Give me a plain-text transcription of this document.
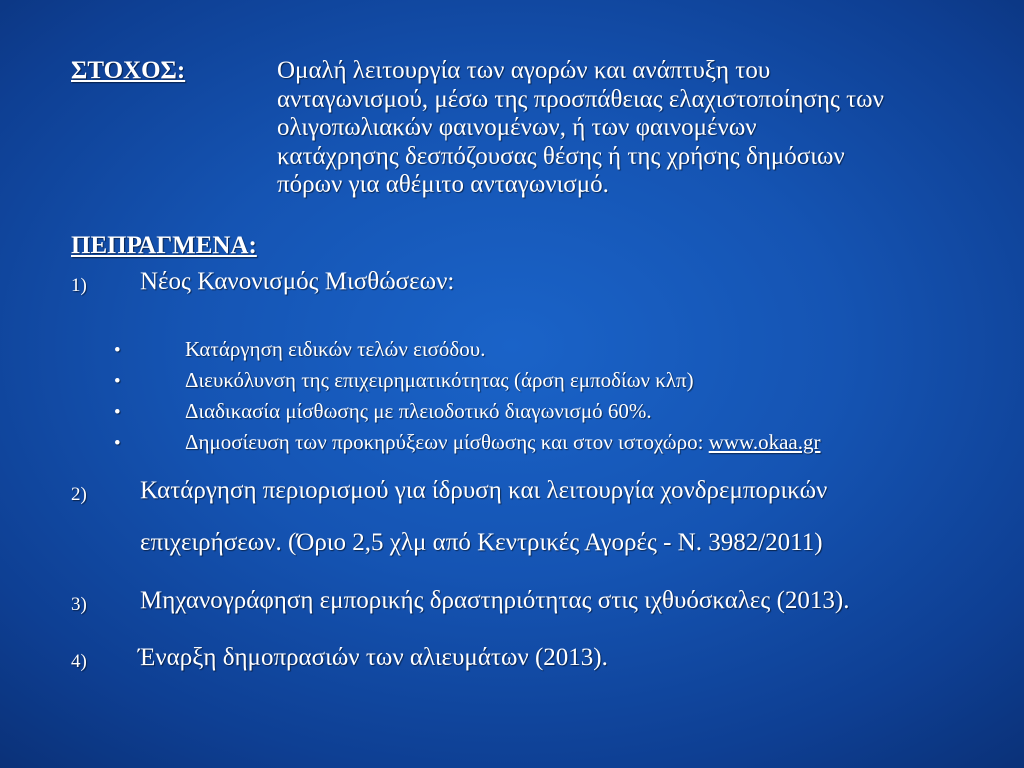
ΣΤΟΧΟΣ:	Ομαλή λειτουργία των αγορών και ανάπτυξη του
ανταγωνισμού, μέσω της προσπάθειας ελαχιστοποίησης των
ολιγοπωλιακών φαινομένων, ή των φαινομένων
κατάχρησης δεσπόζουσας θέσης ή της χρήσης δημόσιων
πόρων για αθέμιτο ανταγωνισμό.
ΠΕΠΡΑΓΜΕΝΑ:
1) Νέος Κανονισμός Μισθώσεων:
•	Κατάργηση ειδικών τελών εισόδου.
•	Διευκόλυνση της επιχειρηματικότητας (άρση εμποδίων κλπ)
•	Διαδικασία μίσθωσης με πλειοδοτικό διαγωνισμό 60%.
•	Δημοσίευση των προκηρύξεων μίσθωσης και στον ιστοχώρο: www.okaa.gr
2) Κατάργηση περιορισμού για ίδρυση και λειτουργία χονδρεμπορικών
επιχειρήσεων. (Όριο 2,5 χλμ από Κεντρικές Αγορές - Ν. 3982/2011)
3) Μηχανογράφηση εμπορικής δραστηριότητας στις ιχθυόσκαλες (2013).
4) Έναρξη δημοπρασιών των αλιευμάτων (2013).
